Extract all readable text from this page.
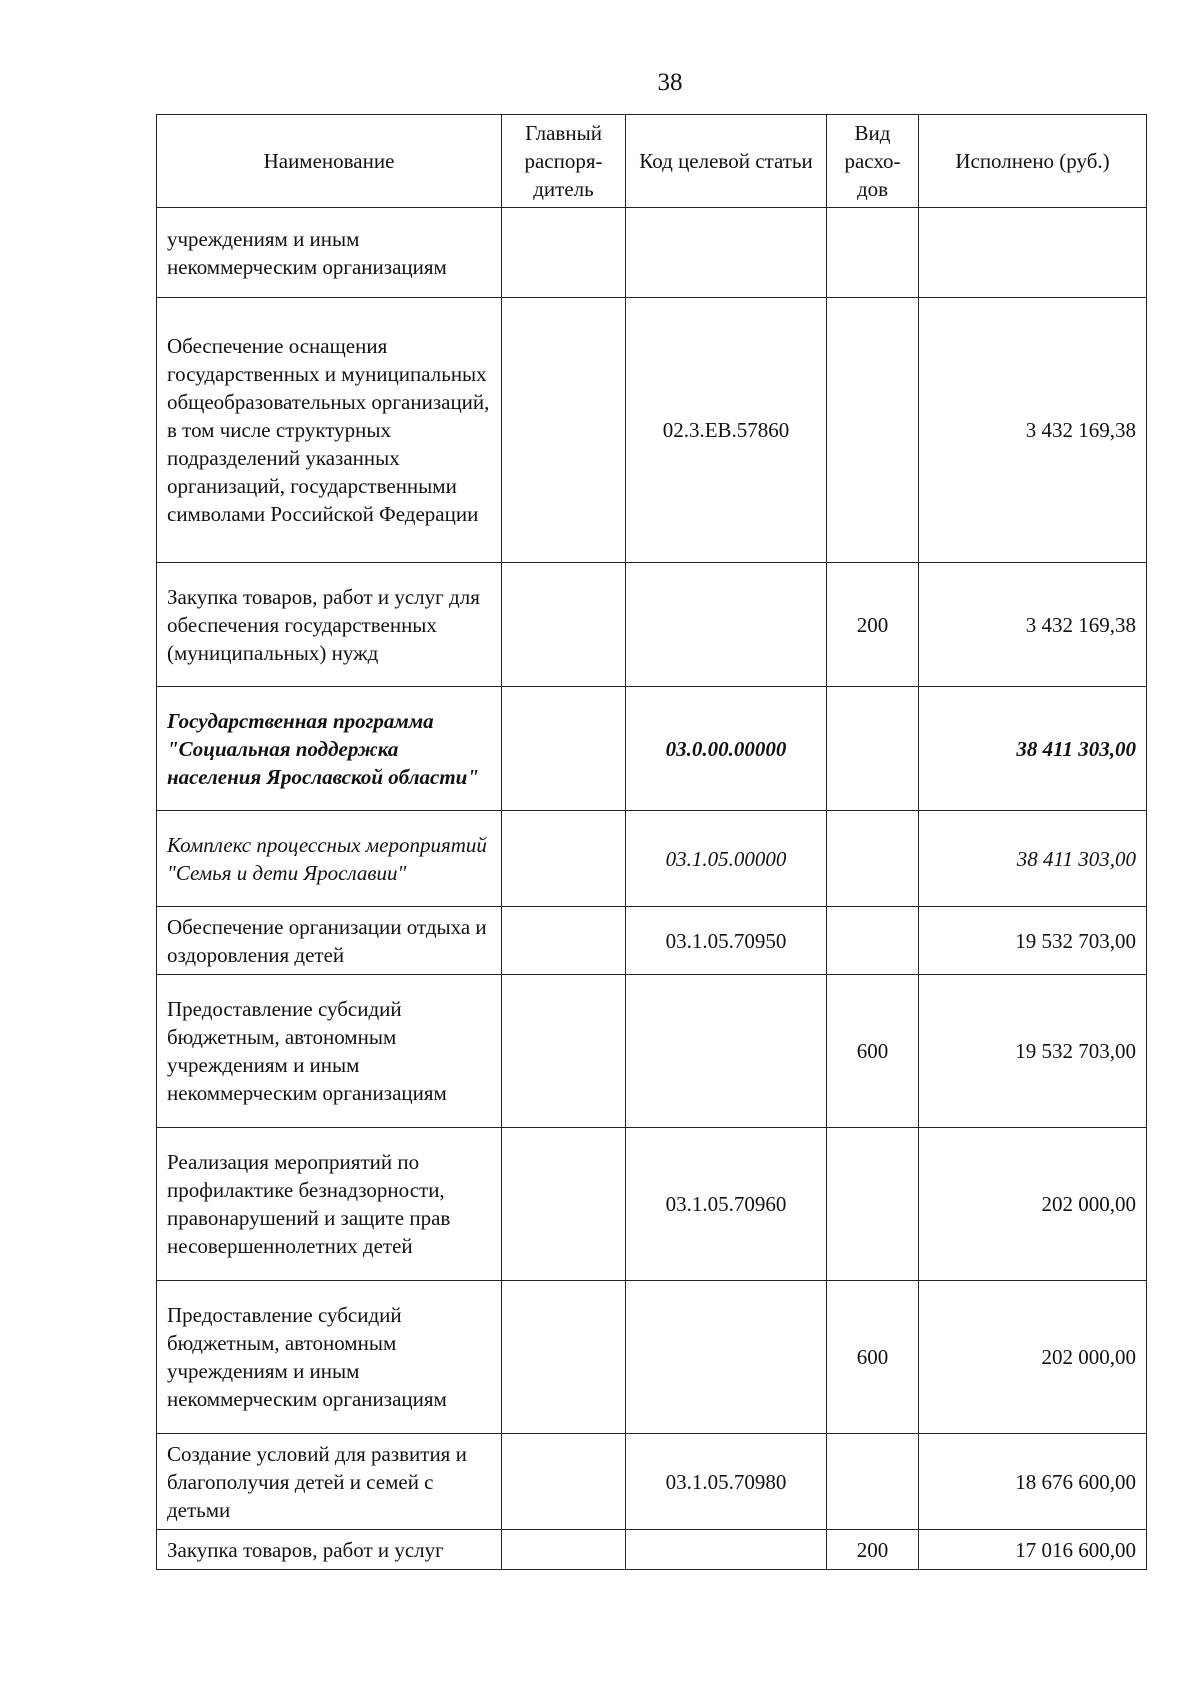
38
Наименование	Главный распоря-дитель	Код целевой статьи	Вид расхо-дов	Исполнено (руб.)
учреждениям и иным некоммерческим организациям				
Обеспечение оснащения государственных и муниципальных общеобразовательных организаций, в том числе структурных подразделений указанных организаций, государственными символами Российской Федерации		02.3.ЕВ.57860		3 432 169,38
Закупка товаров, работ и услуг для обеспечения государственных (муниципальных) нужд			200	3 432 169,38
Государственная программа "Социальная поддержка населения Ярославской области"		03.0.00.00000		38 411 303,00
Комплекс процессных мероприятий "Семья и дети Ярославии"		03.1.05.00000		38 411 303,00
Обеспечение организации отдыха и оздоровления детей		03.1.05.70950		19 532 703,00
Предоставление субсидий бюджетным, автономным учреждениям и иным некоммерческим организациям			600	19 532 703,00
Реализация мероприятий по профилактике безнадзорности, правонарушений и защите прав несовершеннолетних детей		03.1.05.70960		202 000,00
Предоставление субсидий бюджетным, автономным учреждениям и иным некоммерческим организациям			600	202 000,00
Создание условий для развития и благополучия детей и семей с детьми		03.1.05.70980		18 676 600,00
Закупка товаров, работ и услуг			200	17 016 600,00
